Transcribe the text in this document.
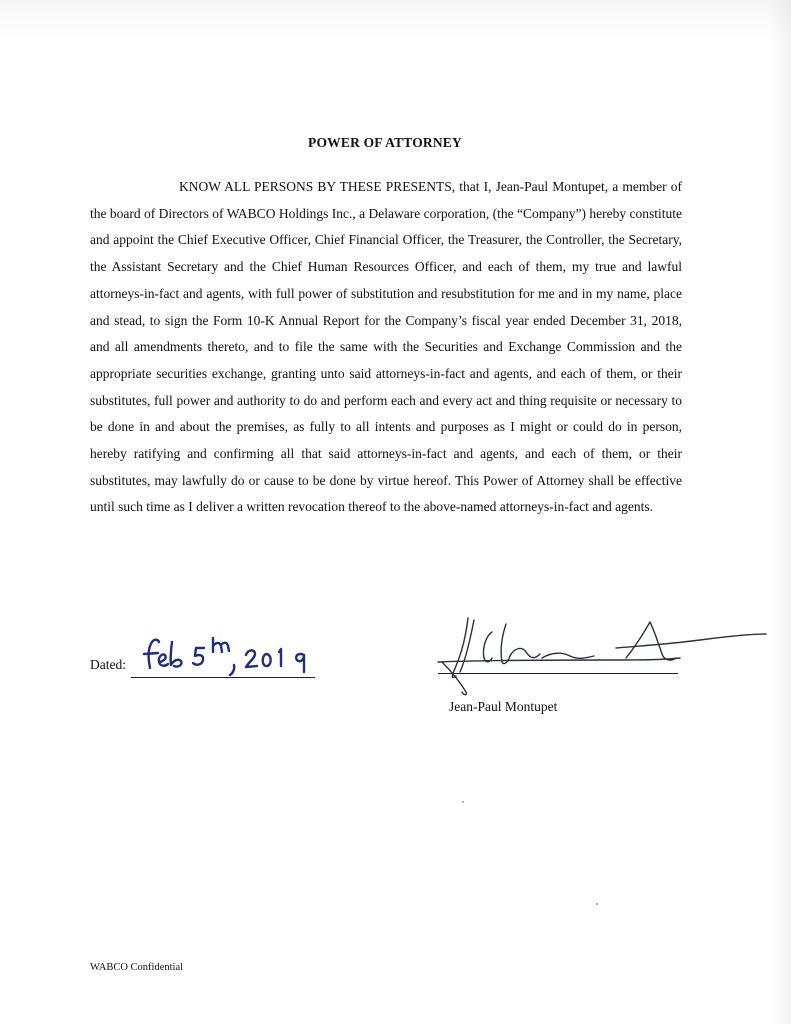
POWER OF ATTORNEY

KNOW ALL PERSONS BY THESE PRESENTS, that I, Jean-Paul Montupet, a member of the board of Directors of WABCO Holdings Inc., a Delaware corporation, (the “Company”) hereby constitute and appoint the Chief Executive Officer, Chief Financial Officer, the Treasurer, the Controller, the Secretary, the Assistant Secretary and the Chief Human Resources Officer, and each of them, my true and lawful attorneys-in-fact and agents, with full power of substitution and resubstitution for me and in my name, place and stead, to sign the Form 10-K Annual Report for the Company’s fiscal year ended December 31, 2018, and all amendments thereto, and to file the same with the Securities and Exchange Commission and the appropriate securities exchange, granting unto said attorneys-in-fact and agents, and each of them, or their substitutes, full power and authority to do and perform each and every act and thing requisite or necessary to be done in and about the premises, as fully to all intents and purposes as I might or could do in person, hereby ratifying and confirming all that said attorneys-in-fact and agents, and each of them, or their substitutes, may lawfully do or cause to be done by virtue hereof. This Power of Attorney shall be effective until such time as I deliver a written revocation thereof to the above-named attorneys-in-fact and agents.

Dated:
Jean-Paul Montupet
WABCO Confidential
